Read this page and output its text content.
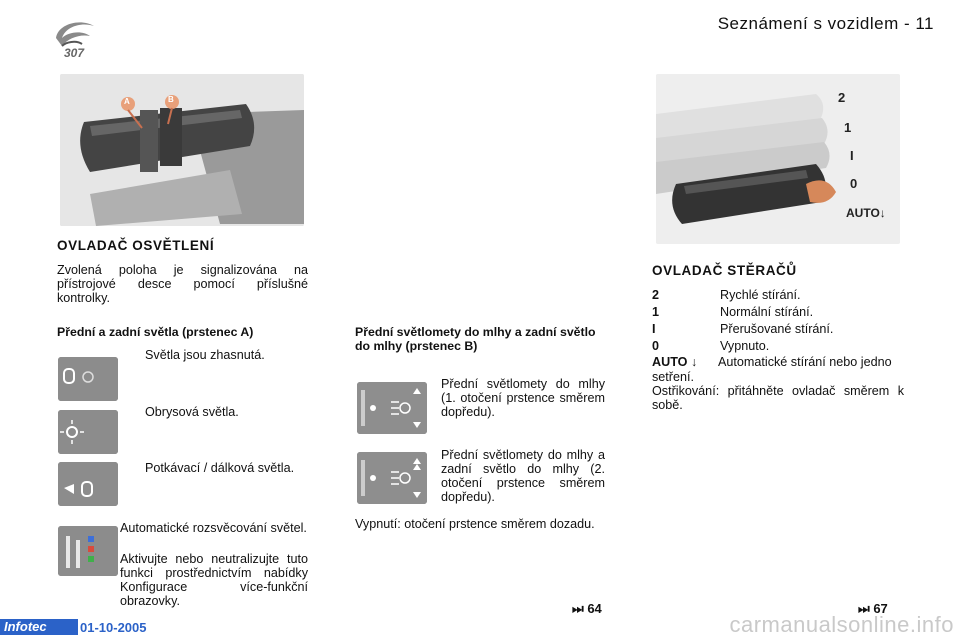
307
Seznámení s vozidlem - 11
A	B	2
1
I
0
AUTO↓
OVLADAČ OSVĚTLENÍ
Zvolená poloha je signalizována na přístrojové desce pomocí příslušné kontrolky.
Přední a zadní světla (prstenec A)
Světla jsou zhasnutá.
Obrysová světla.
Potkávací / dálková světla.
Automatické rozsvěcování světel.
Aktivujte nebo neutralizujte tuto funkci prostřednictvím nabídky Konfigurace více-funkční obrazovky.
Přední světlomety do mlhy a zadní světlo do mlhy (prstenec B)
Přední světlomety do mlhy (1. otočení prstence směrem dopředu).
Přední světlomety do mlhy a zadní světlo do mlhy (2. otočení prstence směrem dopředu).
Vypnutí: otočení prstence směrem dozadu.
⏭ 64
OVLADAČ STĚRAČŮ
2	Rychlé stírání.
1	Normální stírání.
I	Přerušované stírání.
0	Vypnuto.
AUTO ↓ Automatické stírání nebo jedno setření.
Ostřikování: přitáhněte ovladač směrem k sobě.
⏭ 67
Infotec	01-10-2005	carmanualsonline.info
